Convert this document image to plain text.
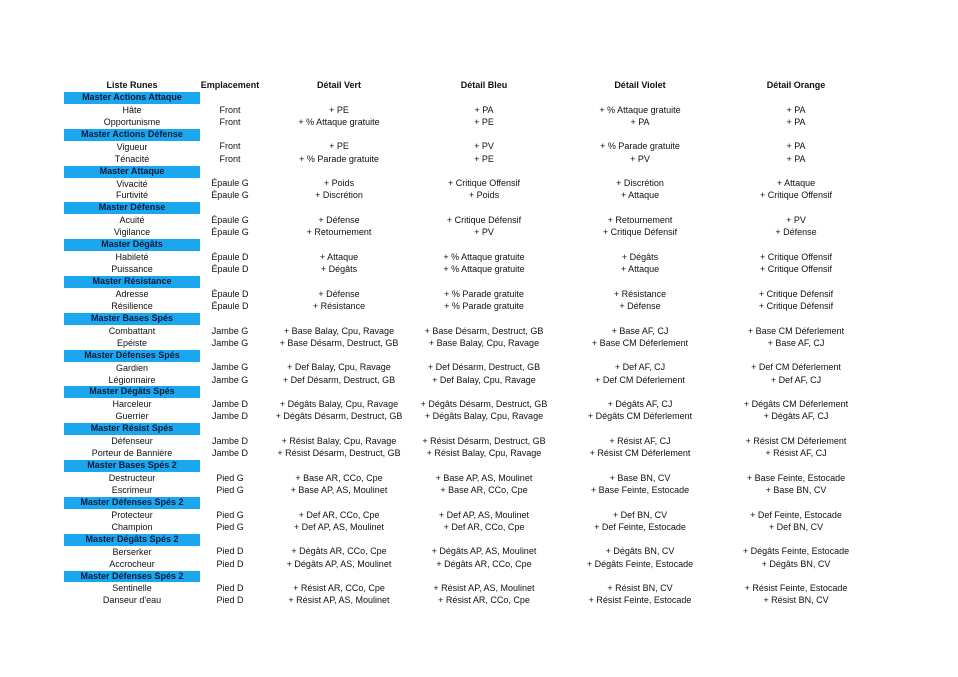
Liste Runes	Emplacement	Détail Vert	Détail Bleu	Détail Violet	Détail Orange
Master Actions Attaque					
Hâte	Front	+ PE	+ PA	+ % Attaque gratuite	+ PA
Opportunisme	Front	+ % Attaque gratuite	+ PE	+ PA	+ PA
Master Actions Défense					
Vigueur	Front	+ PE	+ PV	+ % Parade gratuite	+ PA
Ténacité	Front	+ % Parade gratuite	+ PE	+ PV	+ PA
Master Attaque					
Vivacité	Épaule G	+ Poids	+ Critique Offensif	+ Discrétion	+ Attaque
Furtivité	Épaule G	+ Discrétion	+ Poids	+ Attaque	+ Critique Offensif
Master Défense					
Acuité	Épaule G	+ Défense	+ Critique Défensif	+ Retournement	+ PV
Vigilance	Épaule G	+ Retournement	+ PV	+ Critique Défensif	+ Défense
Master Dégâts					
Habileté	Épaule D	+ Attaque	+ % Attaque gratuite	+ Dégâts	+ Critique Offensif
Puissance	Épaule D	+ Dégâts	+ % Attaque gratuite	+ Attaque	+ Critique Offensif
Master Résistance					
Adresse	Épaule D	+ Défense	+ % Parade gratuite	+ Résistance	+ Critique Défensif
Résilience	Épaule D	+ Résistance	+ % Parade gratuite	+ Défense	+ Critique Défensif
Master Bases Spés					
Combattant	Jambe G	+ Base Balay, Cpu, Ravage	+ Base Désarm, Destruct, GB	+ Base AF, CJ	+ Base CM Déferlement
Epéiste	Jambe G	+ Base Désarm, Destruct, GB	+ Base Balay, Cpu, Ravage	+ Base CM Déferlement	+ Base AF, CJ
Master Défenses Spés					
Gardien	Jambe G	+ Def Balay, Cpu, Ravage	+ Def Désarm, Destruct, GB	+ Def AF, CJ	+ Def CM Déferlement
Légionnaire	Jambe G	+ Def Désarm, Destruct, GB	+ Def Balay, Cpu, Ravage	+ Def CM Déferlement	+ Def AF, CJ
Master Dégâts Spés					
Harceleur	Jambe D	+ Dégâts Balay, Cpu, Ravage	+ Dégâts Désarm, Destruct, GB	+ Dégâts AF, CJ	+ Dégâts CM Déferlement
Guerrier	Jambe D	+ Dégâts Désarm, Destruct, GB	+ Dégâts Balay, Cpu, Ravage	+ Dégâts CM Déferlement	+ Dégâts AF, CJ
Master Résist Spés					
Défenseur	Jambe D	+ Résist Balay, Cpu, Ravage	+ Résist Désarm, Destruct, GB	+ Résist AF, CJ	+ Résist CM Déferlement
Porteur de Bannière	Jambe D	+ Résist Désarm, Destruct, GB	+ Résist Balay, Cpu, Ravage	+ Résist CM Déferlement	+ Résist AF, CJ
Master Bases Spés 2					
Destructeur	Pied G	+ Base AR, CCo, Cpe	+ Base AP, AS, Moulinet	+ Base BN, CV	+ Base Feinte, Estocade
Escrimeur	Pied G	+ Base AP, AS, Moulinet	+ Base AR, CCo, Cpe	+ Base Feinte, Estocade	+ Base BN, CV
Master Défenses Spés 2					
Protecteur	Pied G	+ Def AR, CCo, Cpe	+ Def AP, AS, Moulinet	+ Def BN, CV	+ Def Feinte, Estocade
Champion	Pied G	+ Def AP, AS, Moulinet	+ Def AR, CCo, Cpe	+ Def Feinte, Estocade	+ Def BN, CV
Master Dégâts Spés 2					
Berserker	Pied D	+ Dégâts AR, CCo, Cpe	+ Dégâts AP, AS, Moulinet	+ Dégâts BN, CV	+ Dégâts Feinte, Estocade
Accrocheur	Pied D	+ Dégâts AP, AS, Moulinet	+ Dégâts AR, CCo, Cpe	+ Dégâts Feinte, Estocade	+ Dégâts BN, CV
Master Défenses Spés 2					
Sentinelle	Pied D	+ Résist AR, CCo, Cpe	+ Résist AP, AS, Moulinet	+ Résist BN, CV	+ Résist Feinte, Estocade
Danseur d'eau	Pied D	+ Résist AP, AS, Moulinet	+ Résist AR, CCo, Cpe	+ Résist Feinte, Estocade	+ Résist BN, CV
